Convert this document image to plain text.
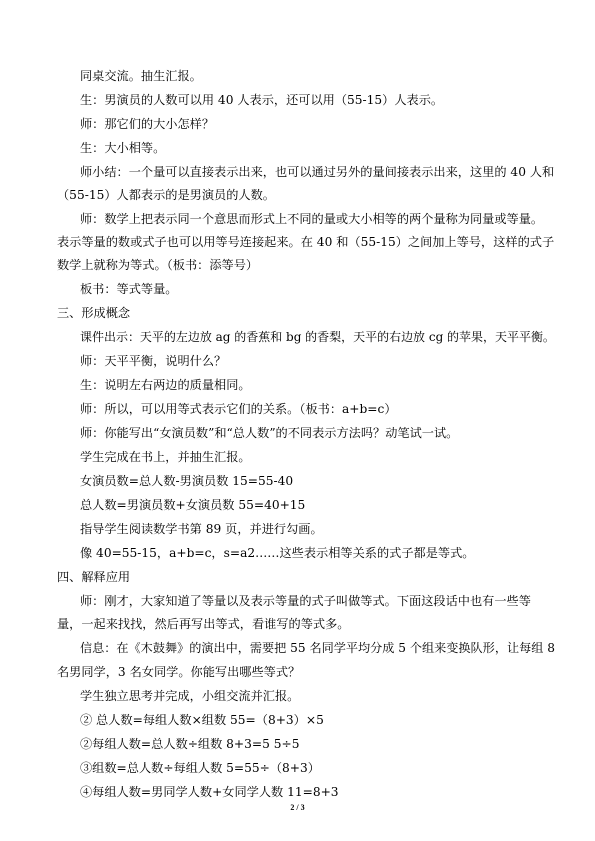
同桌交流。抽生汇报。
生：男演员的人数可以用 40 人表示，还可以用（55-15）人表示。
师：那它们的大小怎样？
生：大小相等。
师小结：一个量可以直接表示出来，也可以通过另外的量间接表示出来，这里的 40 人和
（55-15）人都表示的是男演员的人数。
师：数学上把表示同一个意思而形式上不同的量或大小相等的两个量称为同量或等量。
表示等量的数或式子也可以用等号连接起来。在 40 和（55-15）之间加上等号，这样的式子
数学上就称为等式。（板书：添等号）
板书：等式等量。
三、形成概念
课件出示：天平的左边放 ag 的香蕉和 bg 的香梨，天平的右边放 cg 的苹果，天平平衡。
师：天平平衡，说明什么？
生：说明左右两边的质量相同。
师：所以，可以用等式表示它们的关系。（板书：a+b=c）
师：你能写出“女演员数”和“总人数”的不同表示方法吗？动笔试一试。
学生完成在书上，并抽生汇报。
女演员数=总人数-男演员数 15=55-40
总人数=男演员数+女演员数 55=40+15
指导学生阅读数学书第 89 页，并进行勾画。
像 40=55-15，a+b=c，s=a2……这些表示相等关系的式子都是等式。
四、解释应用
师：刚才，大家知道了等量以及表示等量的式子叫做等式。下面这段话中也有一些等
量，一起来找找，然后再写出等式，看谁写的等式多。
信息：在《木鼓舞》的演出中，需要把 55 名同学平均分成 5 个组来变换队形，让每组 8
名男同学，3 名女同学。你能写出哪些等式？
学生独立思考并完成，小组交流并汇报。
② 总人数=每组人数×组数 55=（8+3）×5
②每组人数=总人数÷组数 8+3=5 5÷5
③组数=总人数÷每组人数 5=55÷（8+3）
④每组人数=男同学人数+女同学人数 11=8+3
2 / 3
